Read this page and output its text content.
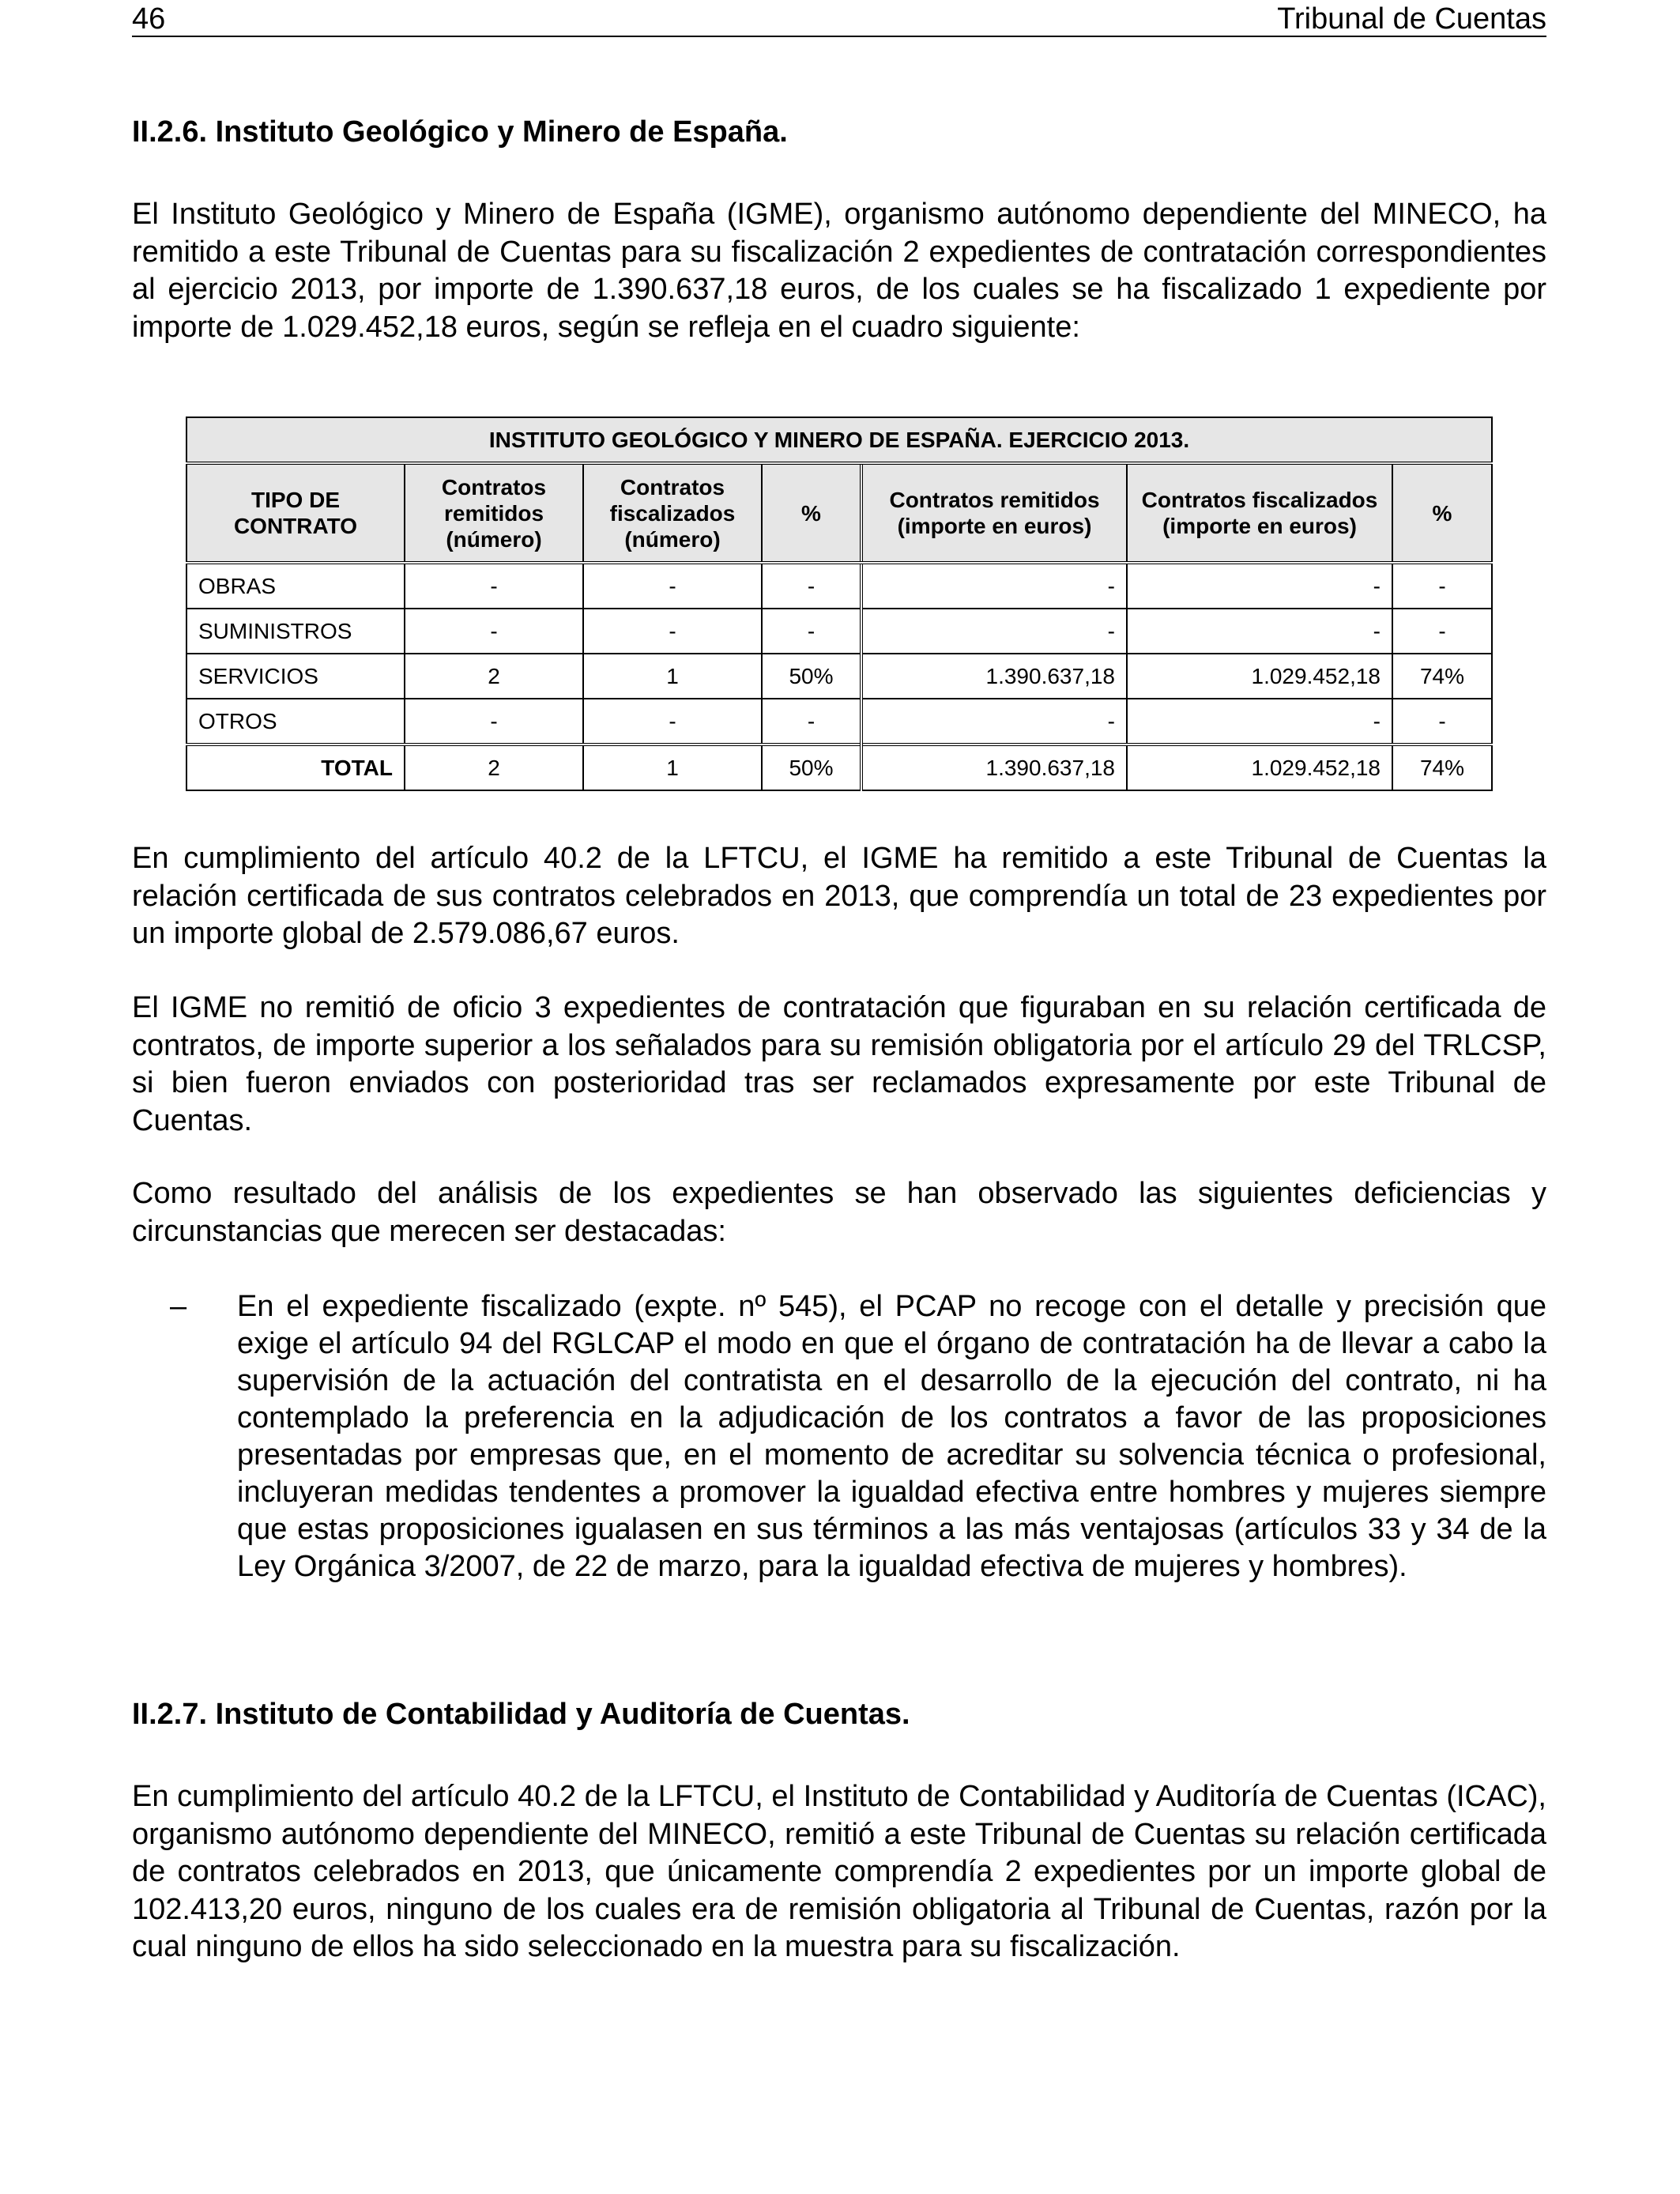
46	Tribunal de Cuentas
II.2.6. Instituto Geológico y Minero de España.
El Instituto Geológico y Minero de España (IGME), organismo autónomo dependiente del MINECO, ha remitido a este Tribunal de Cuentas para su fiscalización 2 expedientes de contratación correspondientes al ejercicio 2013, por importe de 1.390.637,18 euros, de los cuales se ha fiscalizado 1 expediente por importe de 1.029.452,18 euros, según se refleja en el cuadro siguiente:
INSTITUTO GEOLÓGICO Y MINERO DE ESPAÑA. EJERCICIO 2013.						
TIPO DE CONTRATO	Contratos remitidos (número)	Contratos fiscalizados (número)	%	Contratos remitidos (importe en euros)	Contratos fiscalizados (importe en euros)	%
OBRAS	-	-	-	-	-	-
SUMINISTROS	-	-	-	-	-	-
SERVICIOS	2	1	50%	1.390.637,18	1.029.452,18	74%
OTROS	-	-	-	-	-	-
TOTAL	2	1	50%	1.390.637,18	1.029.452,18	74%
En cumplimiento del artículo 40.2 de la LFTCU, el IGME ha remitido a este Tribunal de Cuentas la relación certificada de sus contratos celebrados en 2013, que comprendía un total de 23 expedientes por un importe global de 2.579.086,67 euros.
El IGME no remitió de oficio 3 expedientes de contratación que figuraban en su relación certificada de contratos, de importe superior a los señalados para su remisión obligatoria por el artículo 29 del TRLCSP, si bien fueron enviados con posterioridad tras ser reclamados expresamente por este Tribunal de Cuentas.
Como resultado del análisis de los expedientes se han observado las siguientes deficiencias y circunstancias que merecen ser destacadas:
– En el expediente fiscalizado (expte. nº 545), el PCAP no recoge con el detalle y precisión que exige el artículo 94 del RGLCAP el modo en que el órgano de contratación ha de llevar a cabo la supervisión de la actuación del contratista en el desarrollo de la ejecución del contrato, ni ha contemplado la preferencia en la adjudicación de los contratos a favor de las proposiciones presentadas por empresas que, en el momento de acreditar su solvencia técnica o profesional, incluyeran medidas tendentes a promover la igualdad efectiva entre hombres y mujeres siempre que estas proposiciones igualasen en sus términos a las más ventajosas (artículos 33 y 34 de la Ley Orgánica 3/2007, de 22 de marzo, para la igualdad efectiva de mujeres y hombres).
II.2.7. Instituto de Contabilidad y Auditoría de Cuentas.
En cumplimiento del artículo 40.2 de la LFTCU, el Instituto de Contabilidad y Auditoría de Cuentas (ICAC), organismo autónomo dependiente del MINECO, remitió a este Tribunal de Cuentas su relación certificada de contratos celebrados en 2013, que únicamente comprendía 2 expedientes por un importe global de 102.413,20 euros, ninguno de los cuales era de remisión obligatoria al Tribunal de Cuentas, razón por la cual ninguno de ellos ha sido seleccionado en la muestra para su fiscalización.
